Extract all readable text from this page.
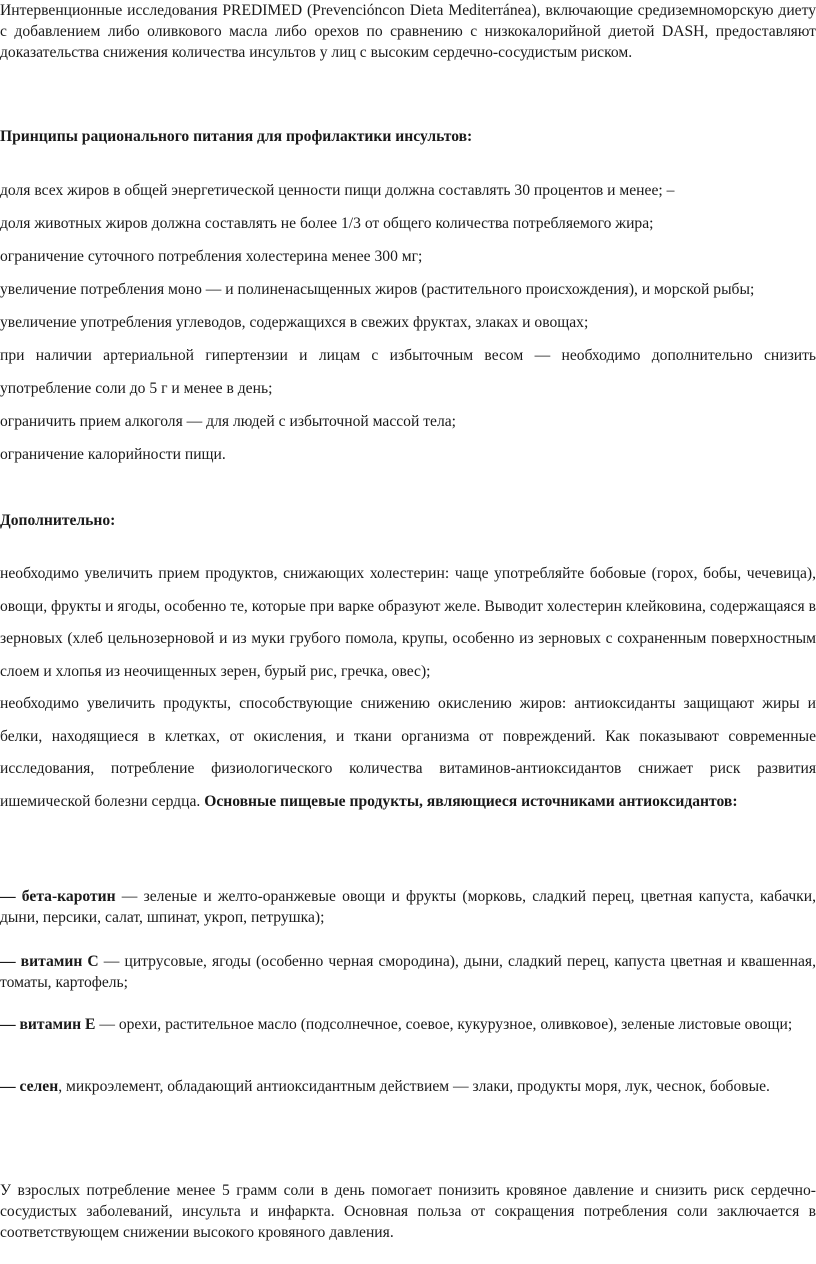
Интервенционные исследования PREDIMED (Prevencióncon Dieta Mediterránea), включающие средиземноморскую диету с добавлением либо оливкового масла либо орехов по сравнению с низкокалорийной диетой DASH, предоставляют доказательства снижения количества инсультов у лиц с высоким сердечно-сосудистым риском.

Принципы рационального питания для профилактики инсультов:

доля всех жиров в общей энергетической ценности пищи должна составлять 30 процентов и менее; –
доля животных жиров должна составлять не более 1/3 от общего количества потребляемого жира;
ограничение суточного потребления холестерина менее 300 мг;
увеличение потребления моно — и полиненасыщенных жиров (растительного происхождения), и морской рыбы;
увеличение употребления углеводов, содержащихся в свежих фруктах, злаках и овощах;
при наличии артериальной гипертензии и лицам с избыточным весом — необходимо дополнительно снизить употребление соли до 5 г и менее в день;
ограничить прием алкоголя — для людей с избыточной массой тела;
ограничение калорийности пищи.

Дополнительно:

необходимо увеличить прием продуктов, снижающих холестерин: чаще употребляйте бобовые (горох, бобы, чечевица), овощи, фрукты и ягоды, особенно те, которые при варке образуют желе. Выводит холестерин клейковина, содержащаяся в зерновых (хлеб цельнозерновой и из муки грубого помола, крупы, особенно из зерновых с сохраненным поверхностным слоем и хлопья из неочищенных зерен, бурый рис, гречка, овес);
необходимо увеличить продукты, способствующие снижению окислению жиров: антиоксиданты защищают жиры и белки, находящиеся в клетках, от окисления, и ткани организма от повреждений. Как показывают современные исследования, потребление физиологического количества витаминов-антиоксидантов снижает риск развития ишемической болезни сердца. Основные пищевые продукты, являющиеся источниками антиоксидантов:

— бета-каротин — зеленые и желто-оранжевые овощи и фрукты (морковь, сладкий перец, цветная капуста, кабачки, дыни, персики, салат, шпинат, укроп, петрушка);

— витамин С — цитрусовые, ягоды (особенно черная смородина), дыни, сладкий перец, капуста цветная и квашенная, томаты, картофель;

— витамин Е — орехи, растительное масло (подсолнечное, соевое, кукурузное, оливковое), зеленые листовые овощи;

— селен, микроэлемент, обладающий антиоксидантным действием — злаки, продукты моря, лук, чеснок, бобовые.

У взрослых потребление менее 5 грамм соли в день помогает понизить кровяное давление и снизить риск сердечно-сосудистых заболеваний, инсульта и инфаркта. Основная польза от сокращения потребления соли заключается в соответствующем снижении высокого кровяного давления.
